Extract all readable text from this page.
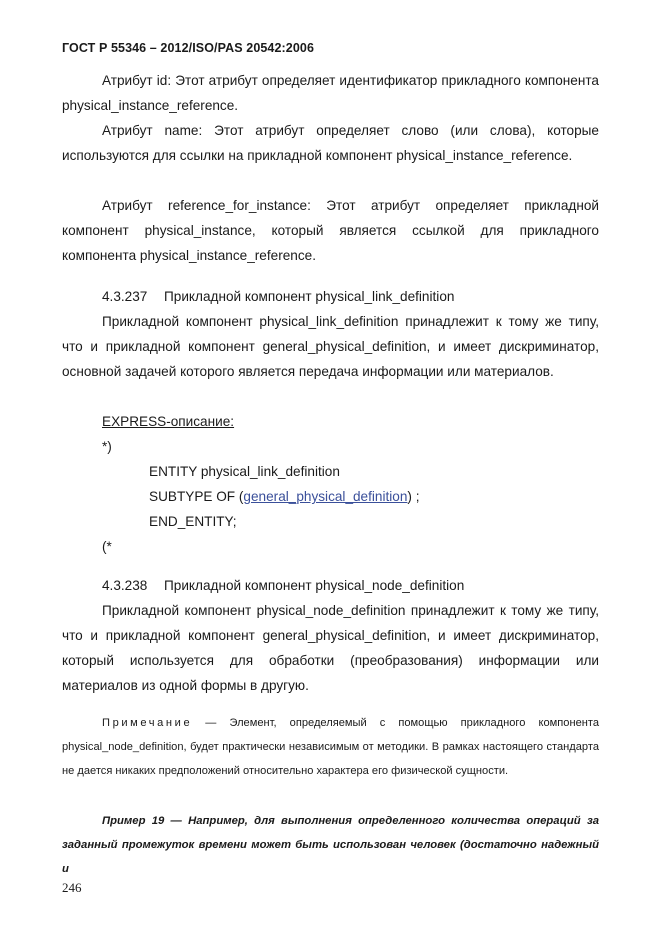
ГОСТ Р 55346 – 2012/ISO/PAS 20542:2006
Атрибут id: Этот атрибут определяет идентификатор прикладного компонента physical_instance_reference.
Атрибут name: Этот атрибут определяет слово (или слова), которые используются для ссылки на прикладной компонент physical_instance_reference.
Атрибут reference_for_instance: Этот атрибут определяет прикладной компонент physical_instance, который является ссылкой для прикладного компонента physical_instance_reference.
4.3.237 Прикладной компонент physical_link_definition
Прикладной компонент physical_link_definition принадлежит к тому же типу, что и прикладной компонент general_physical_definition, и имеет дискриминатор, основной задачей которого является передача информации или материалов.
EXPRESS-описание:
*)
ENTITY physical_link_definition
SUBTYPE OF (general_physical_definition) ;
END_ENTITY;
(*
4.3.238 Прикладной компонент physical_node_definition
Прикладной компонент physical_node_definition принадлежит к тому же типу, что и прикладной компонент general_physical_definition, и имеет дискриминатор, который используется для обработки (преобразования) информации или материалов из одной формы в другую.
Примечание — Элемент, определяемый с помощью прикладного компонента physical_node_definition, будет практически независимым от методики. В рамках настоящего стандарта не дается никаких предположений относительно характера его физической сущности.
Пример 19 — Например, для выполнения определенного количества операций за заданный промежуток времени может быть использован человек (достаточно надежный и
246
